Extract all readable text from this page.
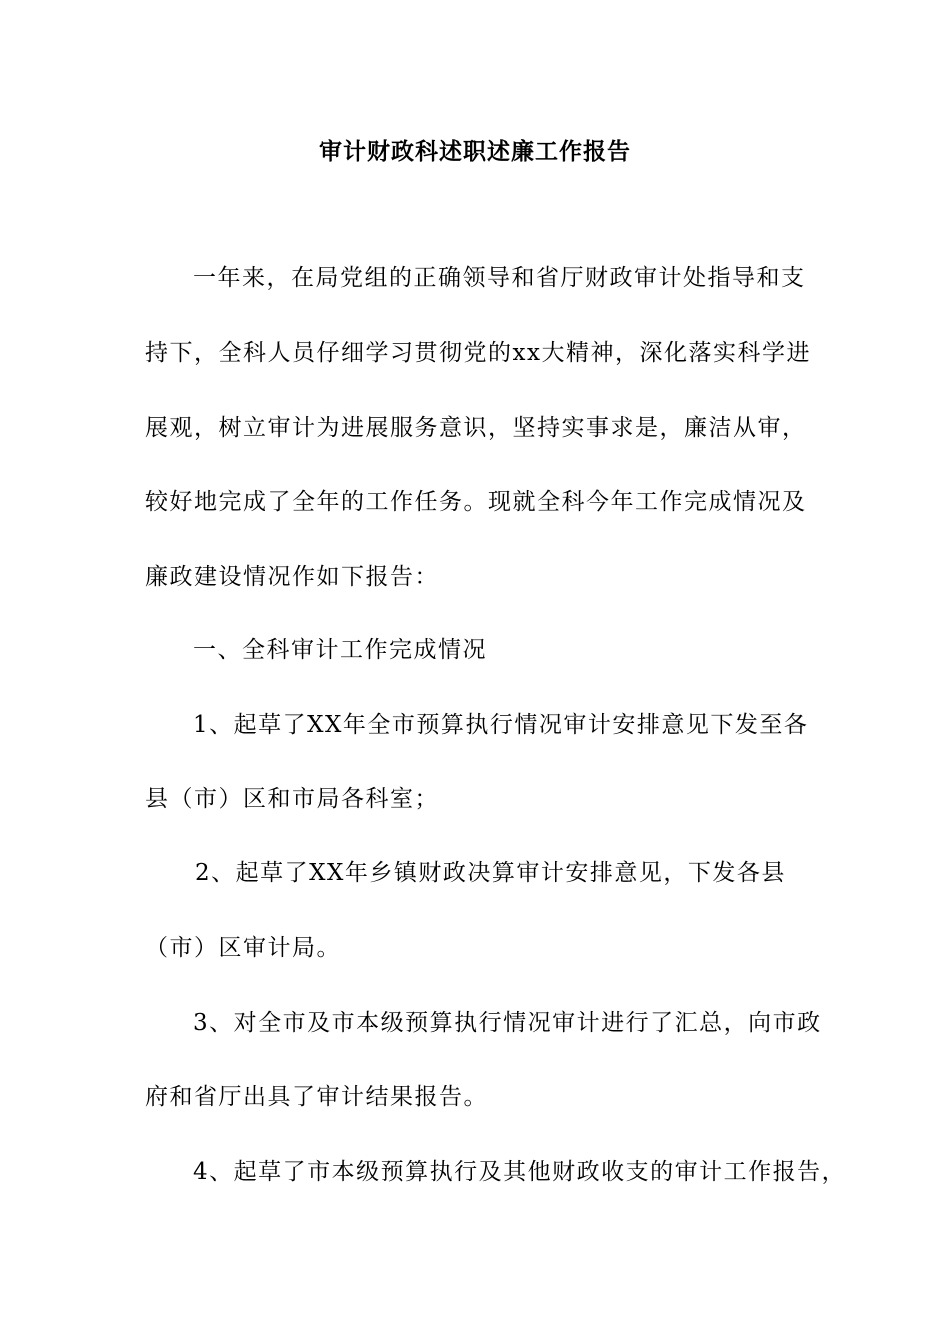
审计财政科述职述廉工作报告
一年来，在局党组的正确领导和省厅财政审计处指导和支
持下，全科人员仔细学习贯彻党的xx大精神，深化落实科学进
展观，树立审计为进展服务意识，坚持实事求是，廉洁从审，
较好地完成了全年的工作任务。现就全科今年工作完成情况及
廉政建设情况作如下报告：
一、全科审计工作完成情况
1、起草了XX年全市预算执行情况审计安排意见下发至各
县（市）区和市局各科室；
2、起草了XX年乡镇财政决算审计安排意见，下发各县
（市）区审计局。
3、对全市及市本级预算执行情况审计进行了汇总，向市政
府和省厅出具了审计结果报告。
4、起草了市本级预算执行及其他财政收支的审计工作报告，
